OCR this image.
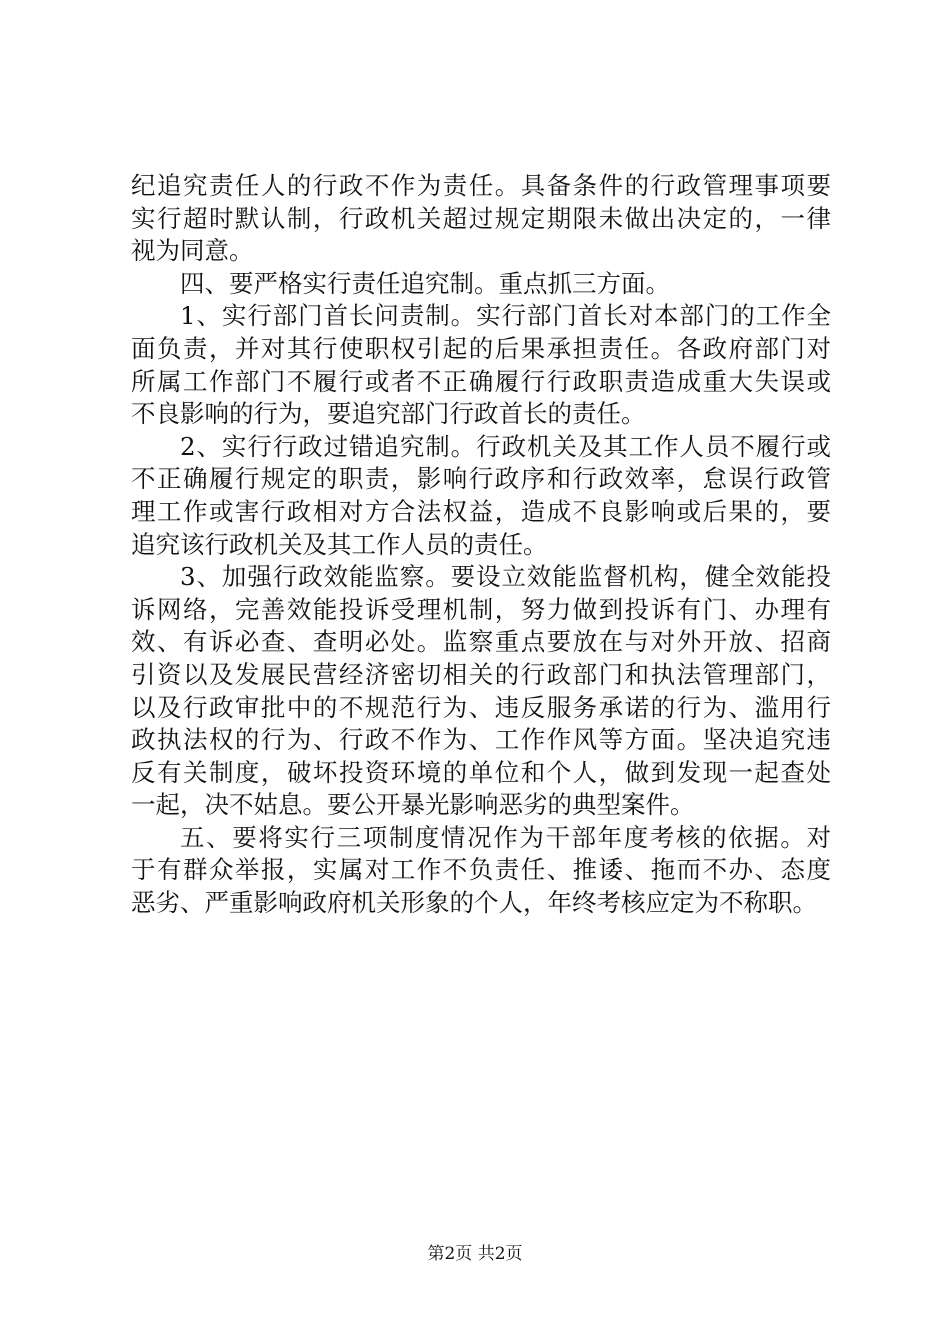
纪追究责任人的行政不作为责任。具备条件的行政管理事项要
实行超时默认制，行政机关超过规定期限未做出决定的，一律
视为同意。
四、要严格实行责任追究制。重点抓三方面。
1、实行部门首长问责制。实行部门首长对本部门的工作全
面负责，并对其行使职权引起的后果承担责任。各政府部门对
所属工作部门不履行或者不正确履行行政职责造成重大失误或
不良影响的行为，要追究部门行政首长的责任。
2、实行行政过错追究制。行政机关及其工作人员不履行或
不正确履行规定的职责，影响行政序和行政效率，怠误行政管
理工作或害行政相对方合法权益，造成不良影响或后果的，要
追究该行政机关及其工作人员的责任。
3、加强行政效能监察。要设立效能监督机构，健全效能投
诉网络，完善效能投诉受理机制，努力做到投诉有门、办理有
效、有诉必查、查明必处。监察重点要放在与对外开放、招商
引资以及发展民营经济密切相关的行政部门和执法管理部门，
以及行政审批中的不规范行为、违反服务承诺的行为、滥用行
政执法权的行为、行政不作为、工作作风等方面。坚决追究违
反有关制度，破坏投资环境的单位和个人，做到发现一起查处
一起，决不姑息。要公开暴光影响恶劣的典型案件。
五、要将实行三项制度情况作为干部年度考核的依据。对
于有群众举报，实属对工作不负责任、推诿、拖而不办、态度
恶劣、严重影响政府机关形象的个人，年终考核应定为不称职。
第2页 共2页
